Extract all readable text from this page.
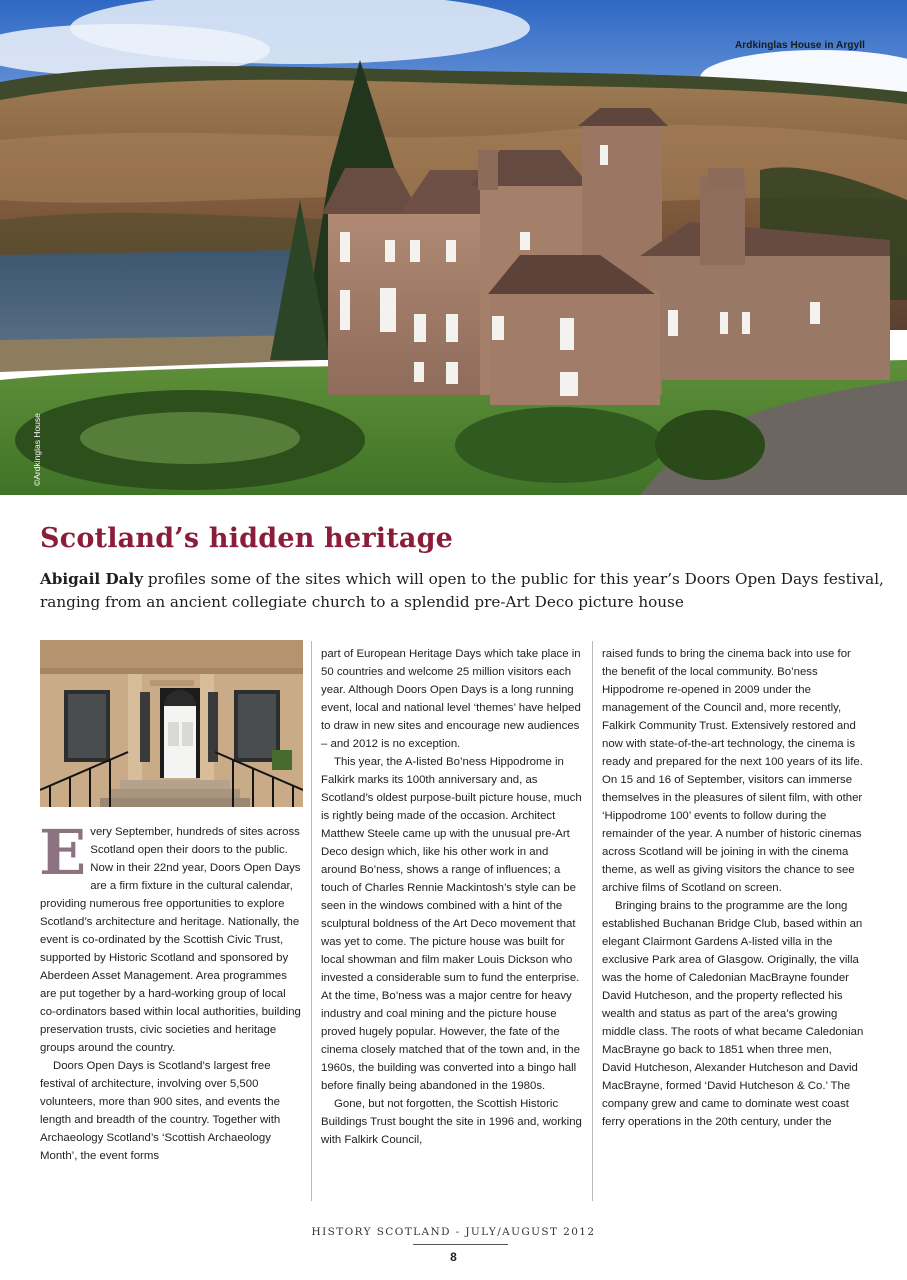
Ardkinglas House in Argyll
©Ardkinglas House
Scotland’s hidden heritage

Abigail Daly profiles some of the sites which will open to the public for this year’s Doors Open Days festival, ranging from an ancient collegiate church to a splendid pre-Art Deco picture house

E very September, hundreds of sites across Scotland open their doors to the public. Now in their 22nd year, Doors Open Days are a firm fixture in the cultural calendar, providing numerous free opportunities to explore Scotland’s architecture and heritage. Nationally, the event is co-ordinated by the Scottish Civic Trust, supported by Historic Scotland and sponsored by Aberdeen Asset Management. Area programmes are put together by a hard-working group of local co-ordinators based within local authorities, building preservation trusts, civic societies and heritage groups around the country.

Doors Open Days is Scotland’s largest free festival of architecture, involving over 5,500 volunteers, more than 900 sites, and events the length and breadth of the country. Together with Archaeology Scotland’s ‘Scottish Archaeology Month’, the event forms

part of European Heritage Days which take place in 50 countries and welcome 25 million visitors each year. Although Doors Open Days is a long running event, local and national level ‘themes’ have helped to draw in new sites and encourage new audiences – and 2012 is no exception.

This year, the A-listed Bo’ness Hippodrome in Falkirk marks its 100th anniversary and, as Scotland’s oldest purpose-built picture house, much is rightly being made of the occasion. Architect Matthew Steele came up with the unusual pre-Art Deco design which, like his other work in and around Bo’ness, shows a range of influences; a touch of Charles Rennie Mackintosh’s style can be seen in the windows combined with a hint of the sculptural boldness of the Art Deco movement that was yet to come. The picture house was built for local showman and film maker Louis Dickson who invested a considerable sum to fund the enterprise. At the time, Bo’ness was a major centre for heavy industry and coal mining and the picture house proved hugely popular. However, the fate of the cinema closely matched that of the town and, in the 1960s, the building was converted into a bingo hall before finally being abandoned in the 1980s.

Gone, but not forgotten, the Scottish Historic Buildings Trust bought the site in 1996 and, working with Falkirk Council,

raised funds to bring the cinema back into use for the benefit of the local community. Bo’ness Hippodrome re-opened in 2009 under the management of the Council and, more recently, Falkirk Community Trust. Extensively restored and now with state-of-the-art technology, the cinema is ready and prepared for the next 100 years of its life. On 15 and 16 of September, visitors can immerse themselves in the pleasures of silent film, with other ‘Hippodrome 100’ events to follow during the remainder of the year. A number of historic cinemas across Scotland will be joining in with the cinema theme, as well as giving visitors the chance to see archive films of Scotland on screen.

Bringing brains to the programme are the long established Buchanan Bridge Club, based within an elegant Clairmont Gardens A-listed villa in the exclusive Park area of Glasgow. Originally, the villa was the home of Caledonian MacBrayne founder David Hutcheson, and the property reflected his wealth and status as part of the area’s growing middle class. The roots of what became Caledonian MacBrayne go back to 1851 when three men, David Hutcheson, Alexander Hutcheson and David MacBrayne, formed ‘David Hutcheson & Co.’ The company grew and came to dominate west coast ferry operations in the 20th century, under the

HISTORY SCOTLAND - JULY/AUGUST 2012
8
